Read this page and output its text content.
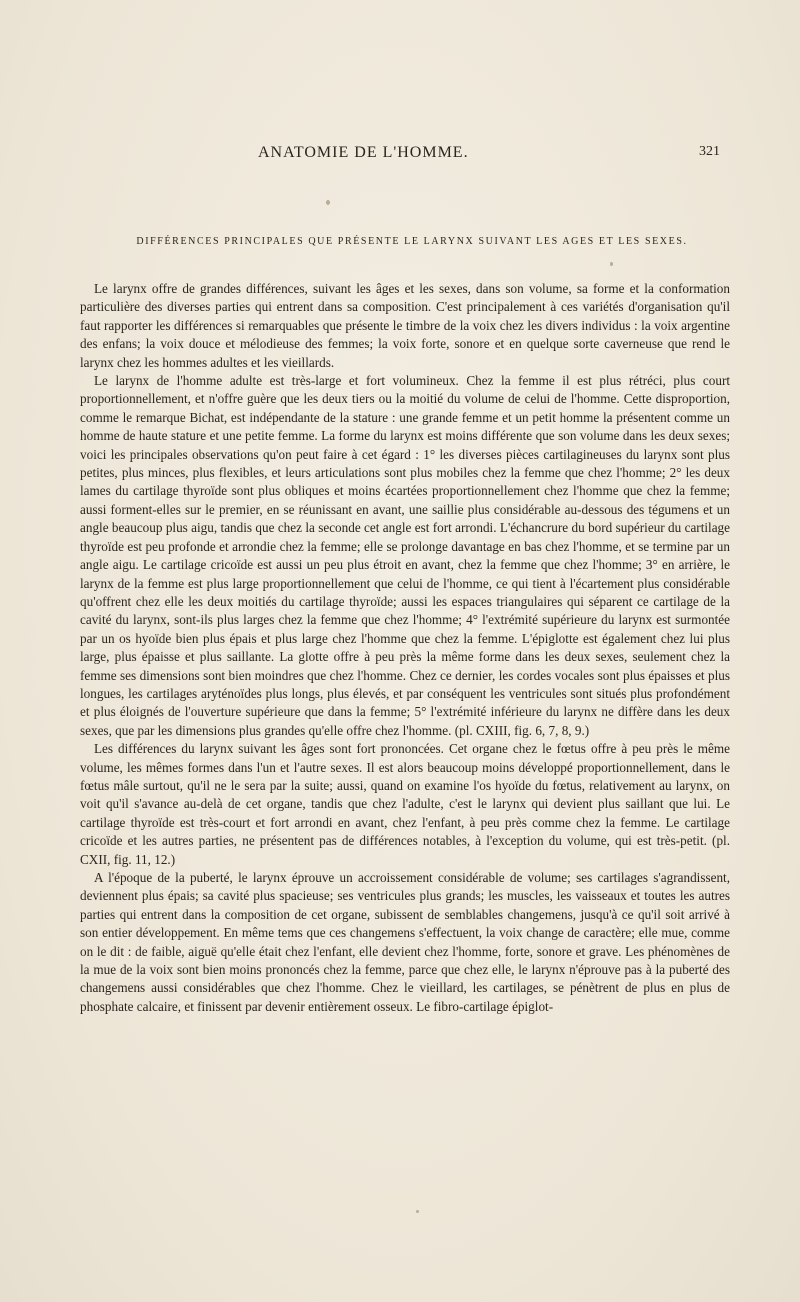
ANATOMIE DE L'HOMME.	321
DIFFÉRENCES PRINCIPALES QUE PRÉSENTE LE LARYNX SUIVANT LES AGES ET LES SEXES.

Le larynx offre de grandes différences, suivant les âges et les sexes, dans son volume, sa forme et la conformation particulière des diverses parties qui entrent dans sa composition. C'est principalement à ces variétés d'organisation qu'il faut rapporter les différences si remarquables que présente le timbre de la voix chez les divers individus : la voix argentine des enfans; la voix douce et mélodieuse des femmes; la voix forte, sonore et en quelque sorte caverneuse que rend le larynx chez les hommes adultes et les vieillards.

Le larynx de l'homme adulte est très-large et fort volumineux. Chez la femme il est plus rétréci, plus court proportionnellement, et n'offre guère que les deux tiers ou la moitié du volume de celui de l'homme. Cette disproportion, comme le remarque Bichat, est indépendante de la stature : une grande femme et un petit homme la présentent comme un homme de haute stature et une petite femme. La forme du larynx est moins différente que son volume dans les deux sexes; voici les principales observations qu'on peut faire à cet égard : 1° les diverses pièces cartilagineuses du larynx sont plus petites, plus minces, plus flexibles, et leurs articulations sont plus mobiles chez la femme que chez l'homme; 2° les deux lames du cartilage thyroïde sont plus obliques et moins écartées proportionnellement chez l'homme que chez la femme; aussi forment-elles sur le premier, en se réunissant en avant, une saillie plus considérable au-dessous des tégumens et un angle beaucoup plus aigu, tandis que chez la seconde cet angle est fort arrondi. L'échancrure du bord supérieur du cartilage thyroïde est peu profonde et arrondie chez la femme; elle se prolonge davantage en bas chez l'homme, et se termine par un angle aigu. Le cartilage cricoïde est aussi un peu plus étroit en avant, chez la femme que chez l'homme; 3° en arrière, le larynx de la femme est plus large proportionnellement que celui de l'homme, ce qui tient à l'écartement plus considérable qu'offrent chez elle les deux moitiés du cartilage thyroïde; aussi les espaces triangulaires qui séparent ce cartilage de la cavité du larynx, sont-ils plus larges chez la femme que chez l'homme; 4° l'extrémité supérieure du larynx est surmontée par un os hyoïde bien plus épais et plus large chez l'homme que chez la femme. L'épiglotte est également chez lui plus large, plus épaisse et plus saillante. La glotte offre à peu près la même forme dans les deux sexes, seulement chez la femme ses dimensions sont bien moindres que chez l'homme. Chez ce dernier, les cordes vocales sont plus épaisses et plus longues, les cartilages aryténoïdes plus longs, plus élevés, et par conséquent les ventricules sont situés plus profondément et plus éloignés de l'ouverture supérieure que dans la femme; 5° l'extrémité inférieure du larynx ne diffère dans les deux sexes, que par les dimensions plus grandes qu'elle offre chez l'homme. (pl. CXIII, fig. 6, 7, 8, 9.)

Les différences du larynx suivant les âges sont fort prononcées. Cet organe chez le fœtus offre à peu près le même volume, les mêmes formes dans l'un et l'autre sexes. Il est alors beaucoup moins développé proportionnellement, dans le fœtus mâle surtout, qu'il ne le sera par la suite; aussi, quand on examine l'os hyoïde du fœtus, relativement au larynx, on voit qu'il s'avance au-delà de cet organe, tandis que chez l'adulte, c'est le larynx qui devient plus saillant que lui. Le cartilage thyroïde est très-court et fort arrondi en avant, chez l'enfant, à peu près comme chez la femme. Le cartilage cricoïde et les autres parties, ne présentent pas de différences notables, à l'exception du volume, qui est très-petit. (pl. CXII, fig. 11, 12.)

A l'époque de la puberté, le larynx éprouve un accroissement considérable de volume; ses cartilages s'agrandissent, deviennent plus épais; sa cavité plus spacieuse; ses ventricules plus grands; les muscles, les vaisseaux et toutes les autres parties qui entrent dans la composition de cet organe, subissent de semblables changemens, jusqu'à ce qu'il soit arrivé à son entier développement. En même tems que ces changemens s'effectuent, la voix change de caractère; elle mue, comme on le dit : de faible, aiguë qu'elle était chez l'enfant, elle devient chez l'homme, forte, sonore et grave. Les phénomènes de la mue de la voix sont bien moins prononcés chez la femme, parce que chez elle, le larynx n'éprouve pas à la puberté des changemens aussi considérables que chez l'homme. Chez le vieillard, les cartilages, se pénètrent de plus en plus de phosphate calcaire, et finissent par devenir entièrement osseux. Le fibro-cartilage épiglot-
